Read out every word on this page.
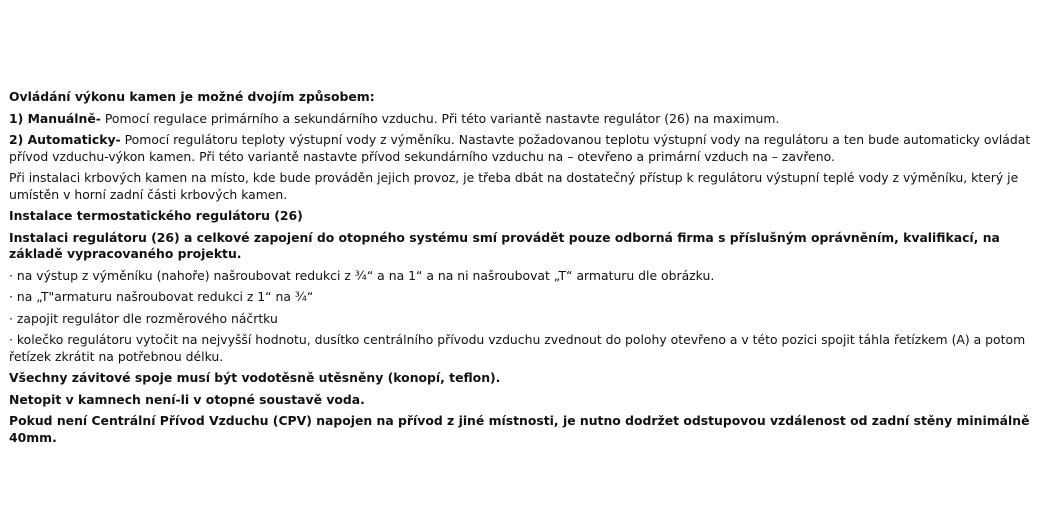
Ovládání výkonu kamen je možné dvojím způsobem:

1) Manuálně- Pomocí regulace primárního a sekundárního vzduchu. Při této variantě nastavte regulátor (26) na maximum.

2) Automaticky- Pomocí regulátoru teploty výstupní vody z výměníku. Nastavte požadovanou teplotu výstupní vody na regulátoru a ten bude automaticky ovládat přívod vzduchu-výkon kamen. Při této variantě nastavte přívod sekundárního vzduchu na – otevřeno a primární vzduch na – zavřeno.

Při instalaci krbových kamen na místo, kde bude prováděn jejich provoz, je třeba dbát na dostatečný přístup k regulátoru výstupní teplé vody z výměníku, který je umístěn v horní zadní části krbových kamen.

Instalace termostatického regulátoru (26)

Instalaci regulátoru (26) a celkové zapojení do otopného systému smí provádět pouze odborná firma s příslušným oprávněním, kvalifikací, na základě vypracovaného projektu.

· na výstup z výměníku (nahoře) našroubovat redukci z ¾“ a na 1“ a na ni našroubovat „T“ armaturu dle obrázku.

· na „T"armaturu našroubovat redukci z 1“ na ¾“

· zapojit regulátor dle rozměrového náčrtku

· kolečko regulátoru vytočit na nejvyšší hodnotu, dusítko centrálního přívodu vzduchu zvednout do polohy otevřeno a v této pozici spojit táhla řetízkem (A) a potom řetízek zkrátit na potřebnou délku.

Všechny závitové spoje musí být vodotěsně utěsněny (konopí, teflon).

Netopit v kamnech není-li v otopné soustavě voda.

Pokud není Centrální Přívod Vzduchu (CPV) napojen na přívod z jiné místnosti, je nutno dodržet odstupovou vzdálenost od zadní stěny minimálně 40mm.
